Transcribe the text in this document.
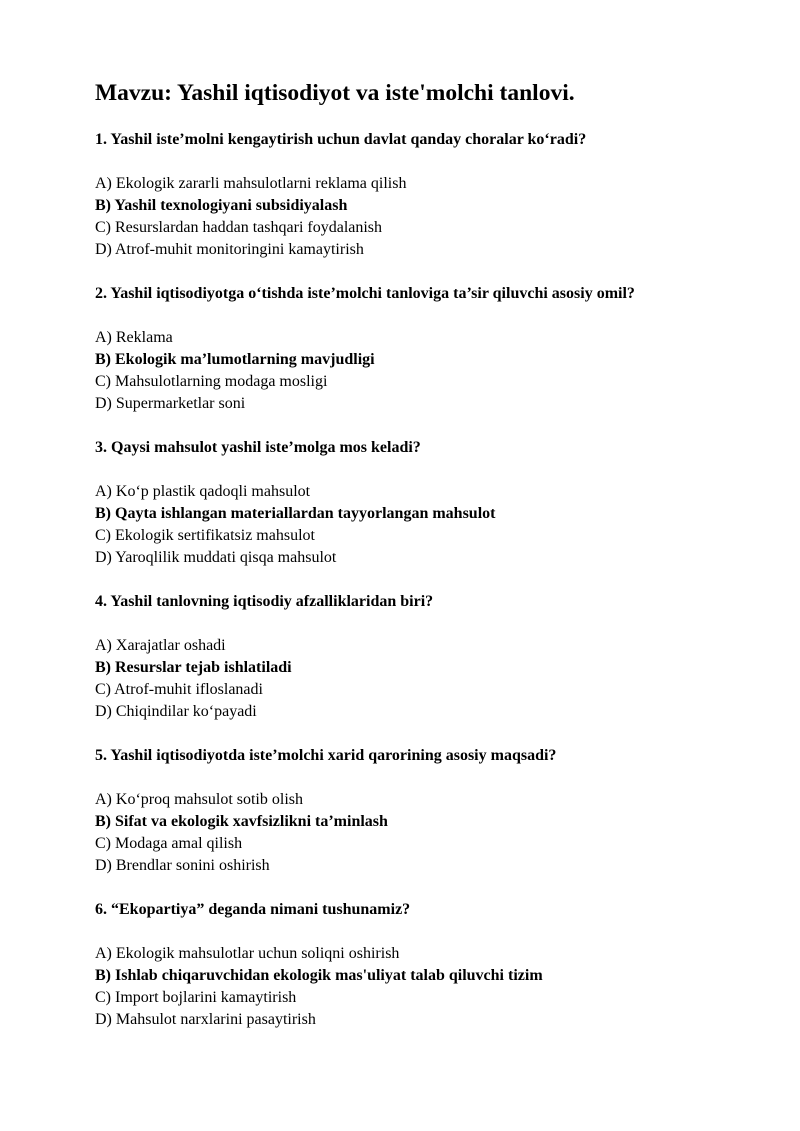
Mavzu: Yashil iqtisodiyot va iste'molchi tanlovi.
1. Yashil iste’molni kengaytirish uchun davlat qanday choralar ko‘radi?
A) Ekologik zararli mahsulotlarni reklama qilish
B) Yashil texnologiyani subsidiyalash
C) Resurslardan haddan tashqari foydalanish
D) Atrof-muhit monitoringini kamaytirish
2. Yashil iqtisodiyotga o‘tishda iste’molchi tanloviga ta’sir qiluvchi asosiy omil?
A) Reklama
B) Ekologik ma’lumotlarning mavjudligi
C) Mahsulotlarning modaga mosligi
D) Supermarketlar soni
3. Qaysi mahsulot yashil iste’molga mos keladi?
A) Ko‘p plastik qadoqli mahsulot
B) Qayta ishlangan materiallardan tayyorlangan mahsulot
C) Ekologik sertifikatsiz mahsulot
D) Yaroqlilik muddati qisqa mahsulot
4. Yashil tanlovning iqtisodiy afzalliklaridan biri?
A) Xarajatlar oshadi
B) Resurslar tejab ishlatiladi
C) Atrof-muhit ifloslanadi
D) Chiqindilar ko‘payadi
5. Yashil iqtisodiyotda iste’molchi xarid qarorining asosiy maqsadi?
A) Ko‘proq mahsulot sotib olish
B) Sifat va ekologik xavfsizlikni ta’minlash
C) Modaga amal qilish
D) Brendlar sonini oshirish
6. “Ekopartiya” deganda nimani tushunamiz?
A) Ekologik mahsulotlar uchun soliqni oshirish
B) Ishlab chiqaruvchidan ekologik mas'uliyat talab qiluvchi tizim
C) Import bojlarini kamaytirish
D) Mahsulot narxlarini pasaytirish
